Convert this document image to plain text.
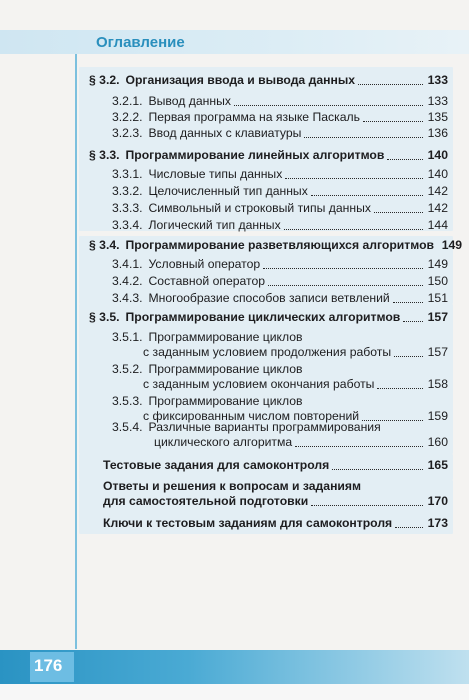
Оглавление
§ 3.2. Организация ввода и вывода данных	133
3.2.1. Вывод данных	133
3.2.2. Первая программа на языке Паскаль	135
3.2.3. Ввод данных с клавиатуры	136
§ 3.3. Программирование линейных алгоритмов	140
3.3.1. Числовые типы данных	140
3.3.2. Целочисленный тип данных	142
3.3.3. Символьный и строковый типы данных	142
3.3.4. Логический тип данных	144
§ 3.4. Программирование разветвляющихся алгоритмов 149
3.4.1. Условный оператор	149
3.4.2. Составной оператор	150
3.4.3. Многообразие способов записи ветвлений	151
§ 3.5. Программирование циклических алгоритмов 157
3.5.1. Программирование циклов
с заданным условием продолжения работы	157
3.5.2. Программирование циклов
с заданным условием окончания работы	158
3.5.3. Программирование циклов
с фиксированным числом повторений	159
3.5.4. Различные варианты программирования
циклического алгоритма	160
Тестовые задания для самоконтроля	165
Ответы и решения к вопросам и заданиям
для самостоятельной подготовки	170
Ключи к тестовым заданиям для самоконтроля	173
176
